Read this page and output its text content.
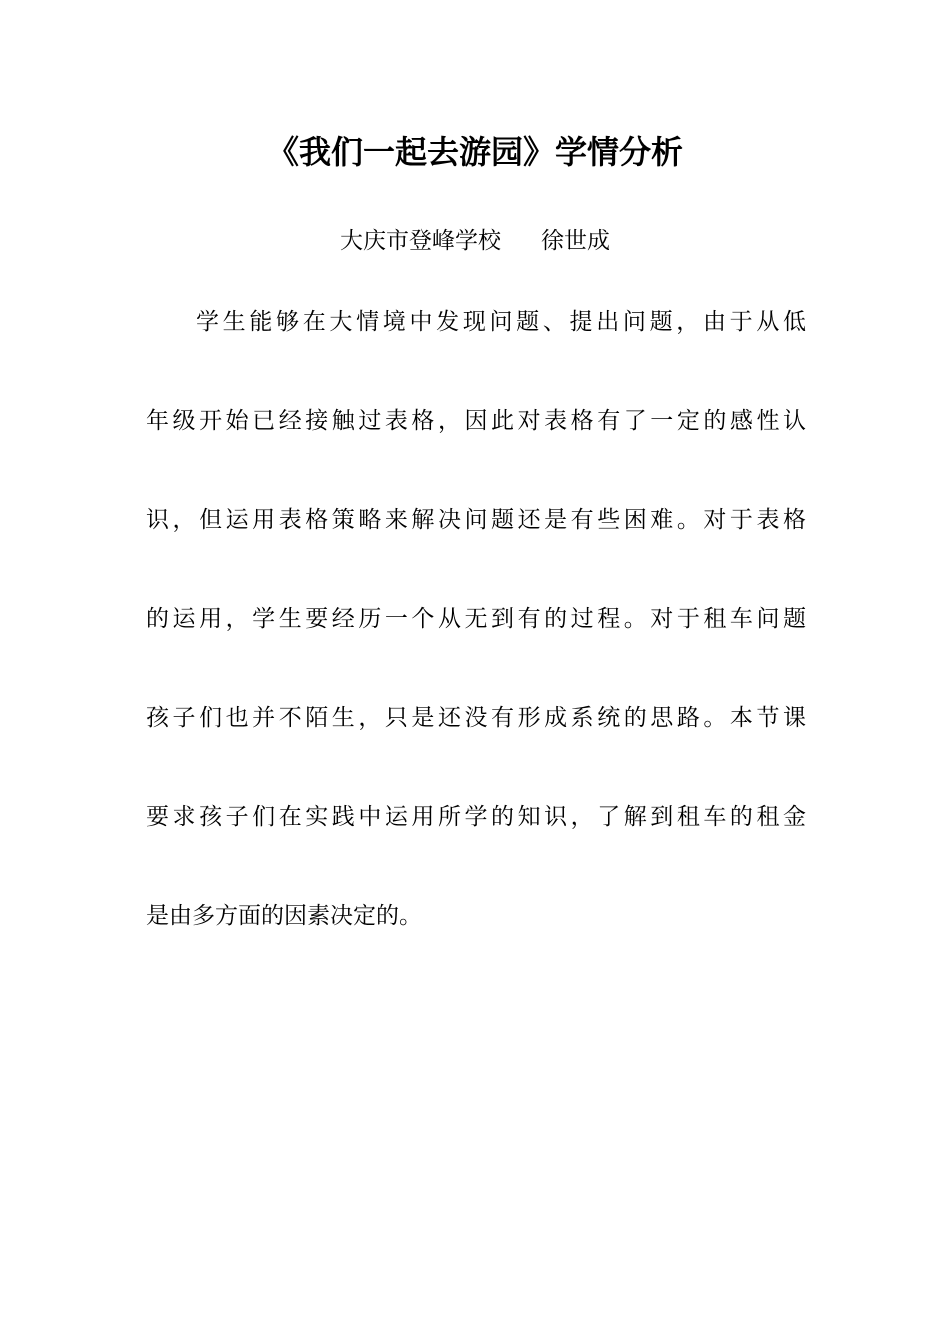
《我们一起去游园》学情分析
大庆市登峰学校 徐世成
学生能够在大情境中发现问题、提出问题，由于从低
年级开始已经接触过表格，因此对表格有了一定的感性认
识，但运用表格策略来解决问题还是有些困难。对于表格
的运用，学生要经历一个从无到有的过程。对于租车问题
孩子们也并不陌生，只是还没有形成系统的思路。本节课
要求孩子们在实践中运用所学的知识，了解到租车的租金
是由多方面的因素决定的。
